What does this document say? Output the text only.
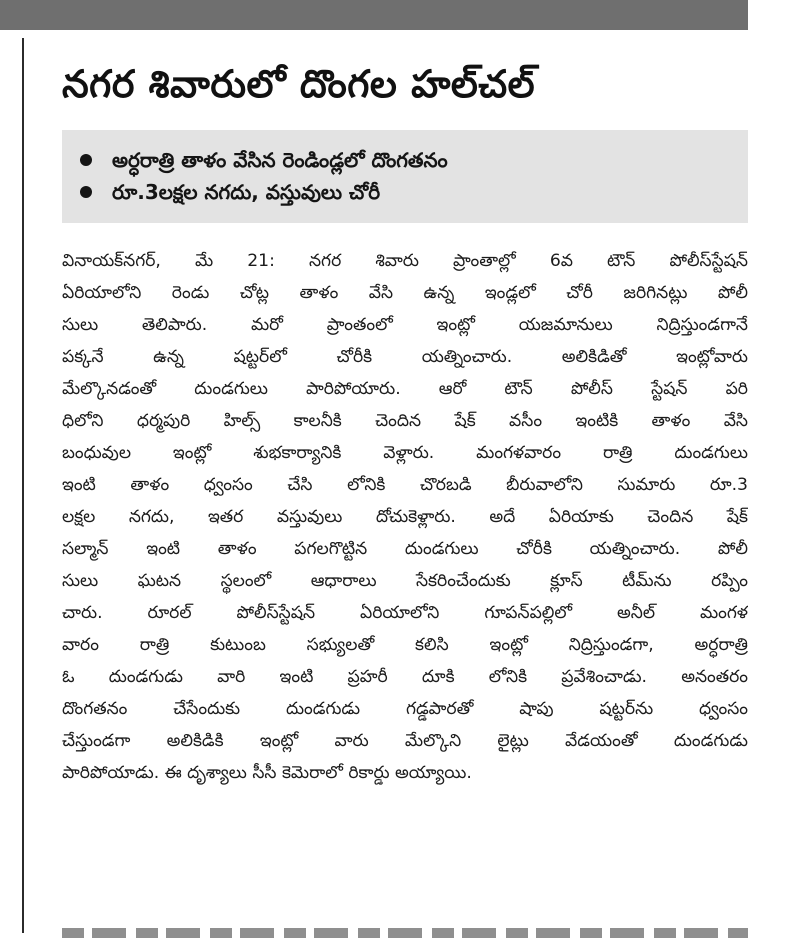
నగర శివారులో దొంగల హల్‌చల్
అర్ధరాత్రి తాళం వేసిన రెండిండ్లలో దొంగతనం
రూ.3లక్షల నగదు, వస్తువులు చోరీ
వినాయక్‌నగర్, మే 21: నగర శివారు ప్రాంతాల్లో 6వ టౌన్ పోలీస్‌స్టేషన్
ఏరియాలోని రెండు చోట్ల తాళం వేసి ఉన్న ఇండ్లలో చోరీ జరిగినట్లు పోలీ
సులు తెలిపారు. మరో ప్రాంతంలో ఇంట్లో యజమానులు నిద్రిస్తుండగానే
పక్కనే ఉన్న షట్టర్‌లో చోరీకి యత్నించారు. అలికిడితో ఇంట్లోవారు
మేల్కొనడంతో దుండగులు పారిపోయారు. ఆరో టౌన్ పోలీస్ స్టేషన్ పరి
ధిలోని ధర్మపురి హిల్స్ కాలనీకి చెందిన షేక్ వసీం ఇంటికి తాళం వేసి
బంధువుల ఇంట్లో శుభకార్యానికి వెళ్లారు. మంగళవారం రాత్రి దుండగులు
ఇంటి తాళం ధ్వంసం చేసి లోనికి చొరబడి బీరువాలోని సుమారు రూ.3
లక్షల నగదు, ఇతర వస్తువులు దోచుకెళ్లారు. అదే ఏరియాకు చెందిన షేక్
సల్మాన్ ఇంటి తాళం పగలగొట్టిన దుండగులు చోరీకి యత్నించారు. పోలీ
సులు ఘటన స్థలంలో ఆధారాలు సేకరించేందుకు క్లూస్ టీమ్‌ను రప్పిం
చారు. రూరల్ పోలీస్‌స్టేషన్ ఏరియాలోని గూపన్‌పల్లిలో అనీల్ మంగళ
వారం రాత్రి కుటుంబ సభ్యులతో కలిసి ఇంట్లో నిద్రిస్తుండగా, అర్ధరాత్రి
ఓ దుండగుడు వారి ఇంటి ప్రహరీ దూకి లోనికి ప్రవేశించాడు. అనంతరం
దొంగతనం చేసేందుకు దుండగుడు గడ్డపారతో షాపు షట్టర్‌ను ధ్వంసం
చేస్తుండగా అలికిడికి ఇంట్లో వారు మేల్కొని లైట్లు వేడయంతో దుండగుడు
పారిపోయాడు. ఈ దృశ్యాలు సీసీ కెమెరాలో రికార్డు అయ్యాయి.
